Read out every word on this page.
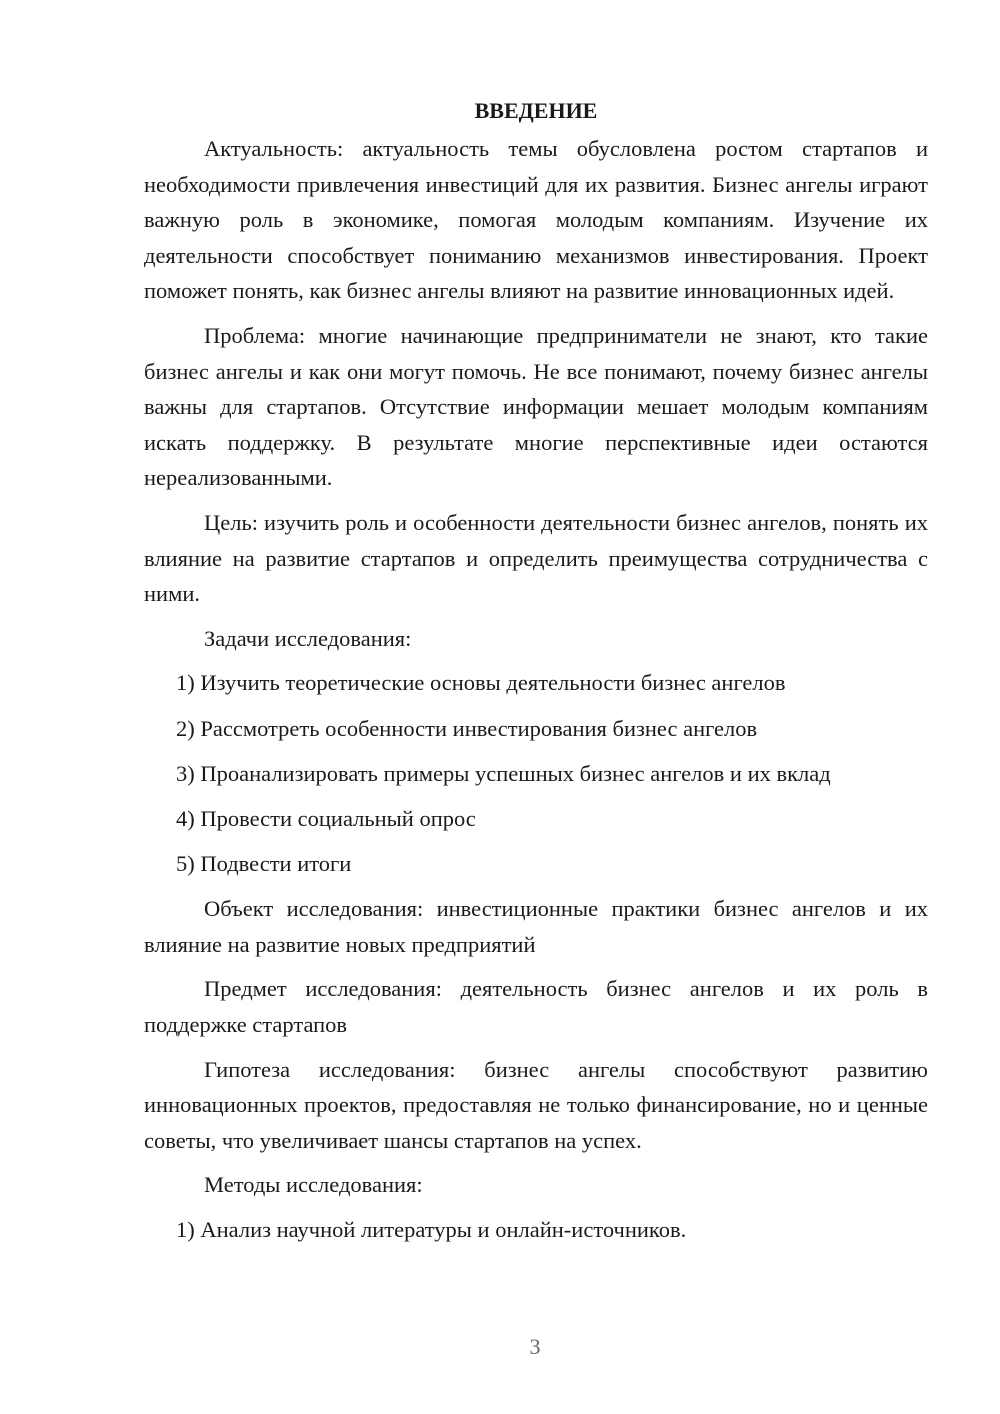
ВВЕДЕНИЕ

Актуальность: актуальность темы обусловлена ростом стартапов и необходимости привлечения инвестиций для их развития. Бизнес ангелы играют важную роль в экономике, помогая молодым компаниям. Изучение их деятельности способствует пониманию механизмов инвестирования. Проект поможет понять, как бизнес ангелы влияют на развитие инновационных идей.

Проблема: многие начинающие предприниматели не знают, кто такие бизнес ангелы и как они могут помочь. Не все понимают, почему бизнес ангелы важны для стартапов. Отсутствие информации мешает молодым компаниям искать поддержку. В результате многие перспективные идеи остаются нереализованными.

Цель: изучить роль и особенности деятельности бизнес ангелов, понять их влияние на развитие стартапов и определить преимущества сотрудничества с ними.

Задачи исследования:

1) Изучить теоретические основы деятельности бизнес ангелов
2) Рассмотреть особенности инвестирования бизнес ангелов
3) Проанализировать примеры успешных бизнес ангелов и их вклад
4) Провести социальный опрос
5) Подвести итоги

Объект исследования: инвестиционные практики бизнес ангелов и их влияние на развитие новых предприятий

Предмет исследования: деятельность бизнес ангелов и их роль в поддержке стартапов

Гипотеза исследования: бизнес ангелы способствуют развитию инновационных проектов, предоставляя не только финансирование, но и ценные советы, что увеличивает шансы стартапов на успех.

Методы исследования:

1) Анализ научной литературы и онлайн-источников.
3
